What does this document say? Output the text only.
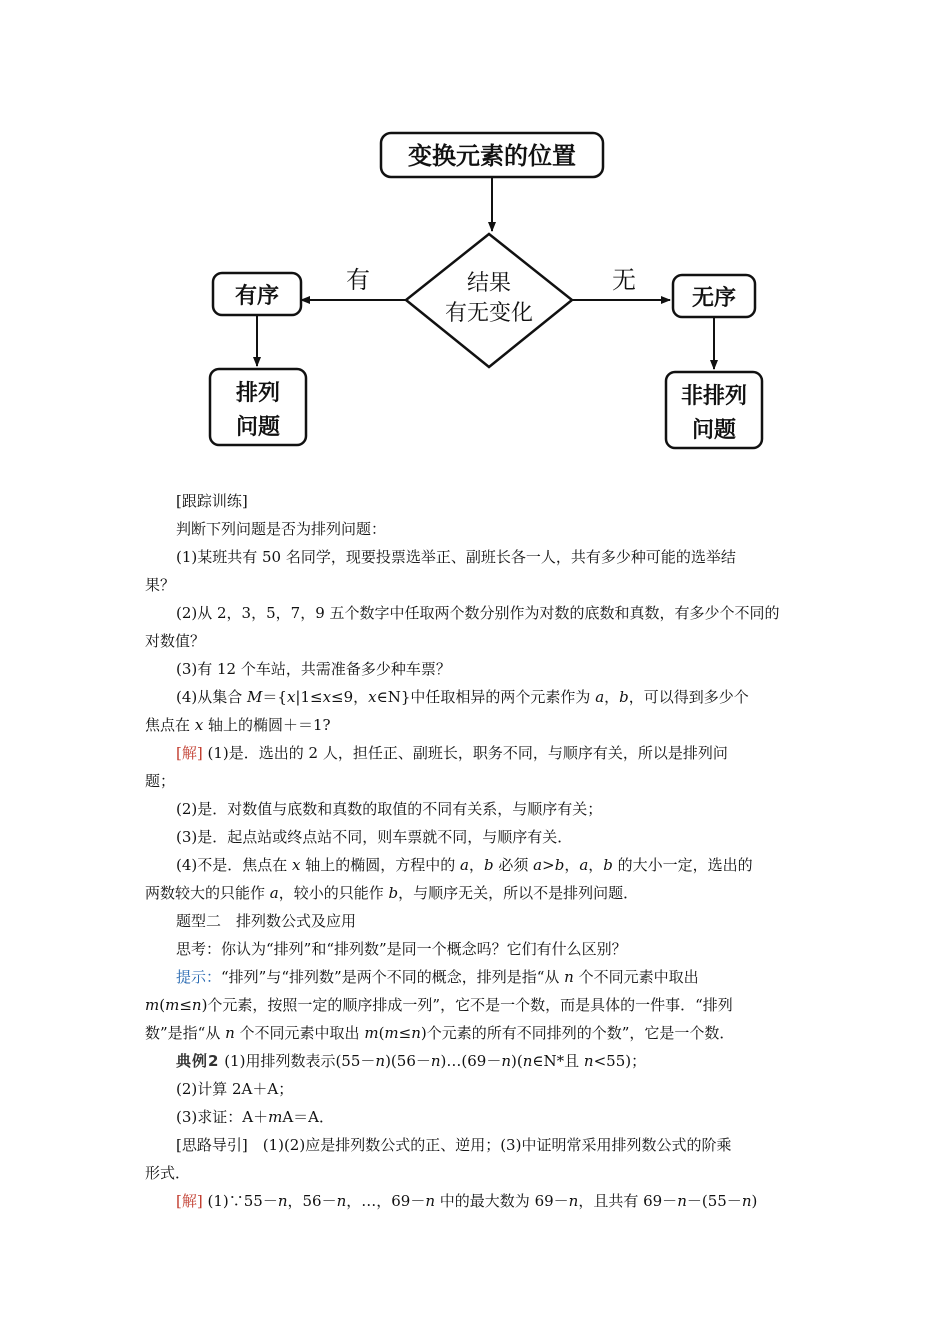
变换元素的位置
结果
有无变化
有	无
有序	无序
排列
问题
非排列
问题
[跟踪训练]
判断下列问题是否为排列问题：
(1)某班共有 50 名同学，现要投票选举正、副班长各一人，共有多少种可能的选举结
果？
(2)从 2，3，5，7，9 五个数字中任取两个数分别作为对数的底数和真数，有多少个不同的
对数值？
(3)有 12 个车站，共需准备多少种车票？
(4)从集合 M＝{x|1≤x≤9，x∈N}中任取相异的两个元素作为 a，b，可以得到多少个
焦点在 x 轴上的椭圆＋＝1?
[解] (1)是．选出的 2 人，担任正、副班长，职务不同，与顺序有关，所以是排列问
题；
(2)是．对数值与底数和真数的取值的不同有关系，与顺序有关；
(3)是．起点站或终点站不同，则车票就不同，与顺序有关．
(4)不是．焦点在 x 轴上的椭圆，方程中的 a，b 必须 a>b，a，b 的大小一定，选出的
两数较大的只能作 a，较小的只能作 b，与顺序无关，所以不是排列问题．
题型二　排列数公式及应用
思考：你认为“排列”和“排列数”是同一个概念吗？它们有什么区别？
提示：“排列”与“排列数”是两个不同的概念，排列是指“从 n 个不同元素中取出
m(m≤n)个元素，按照一定的顺序排成一列”，它不是一个数，而是具体的一件事．“排列
数”是指“从 n 个不同元素中取出 m(m≤n)个元素的所有不同排列的个数”，它是一个数．
典例2 (1)用排列数表示(55－n)(56－n)…(69－n)(n∈N*且 n<55)；
(2)计算 2A＋A；
(3)求证：A＋mA＝A．
[思路导引]　(1)(2)应是排列数公式的正、逆用；(3)中证明常采用排列数公式的阶乘
形式．
[解] (1)∵55－n，56－n，…，69－n 中的最大数为 69－n，且共有 69－n－(55－n)
